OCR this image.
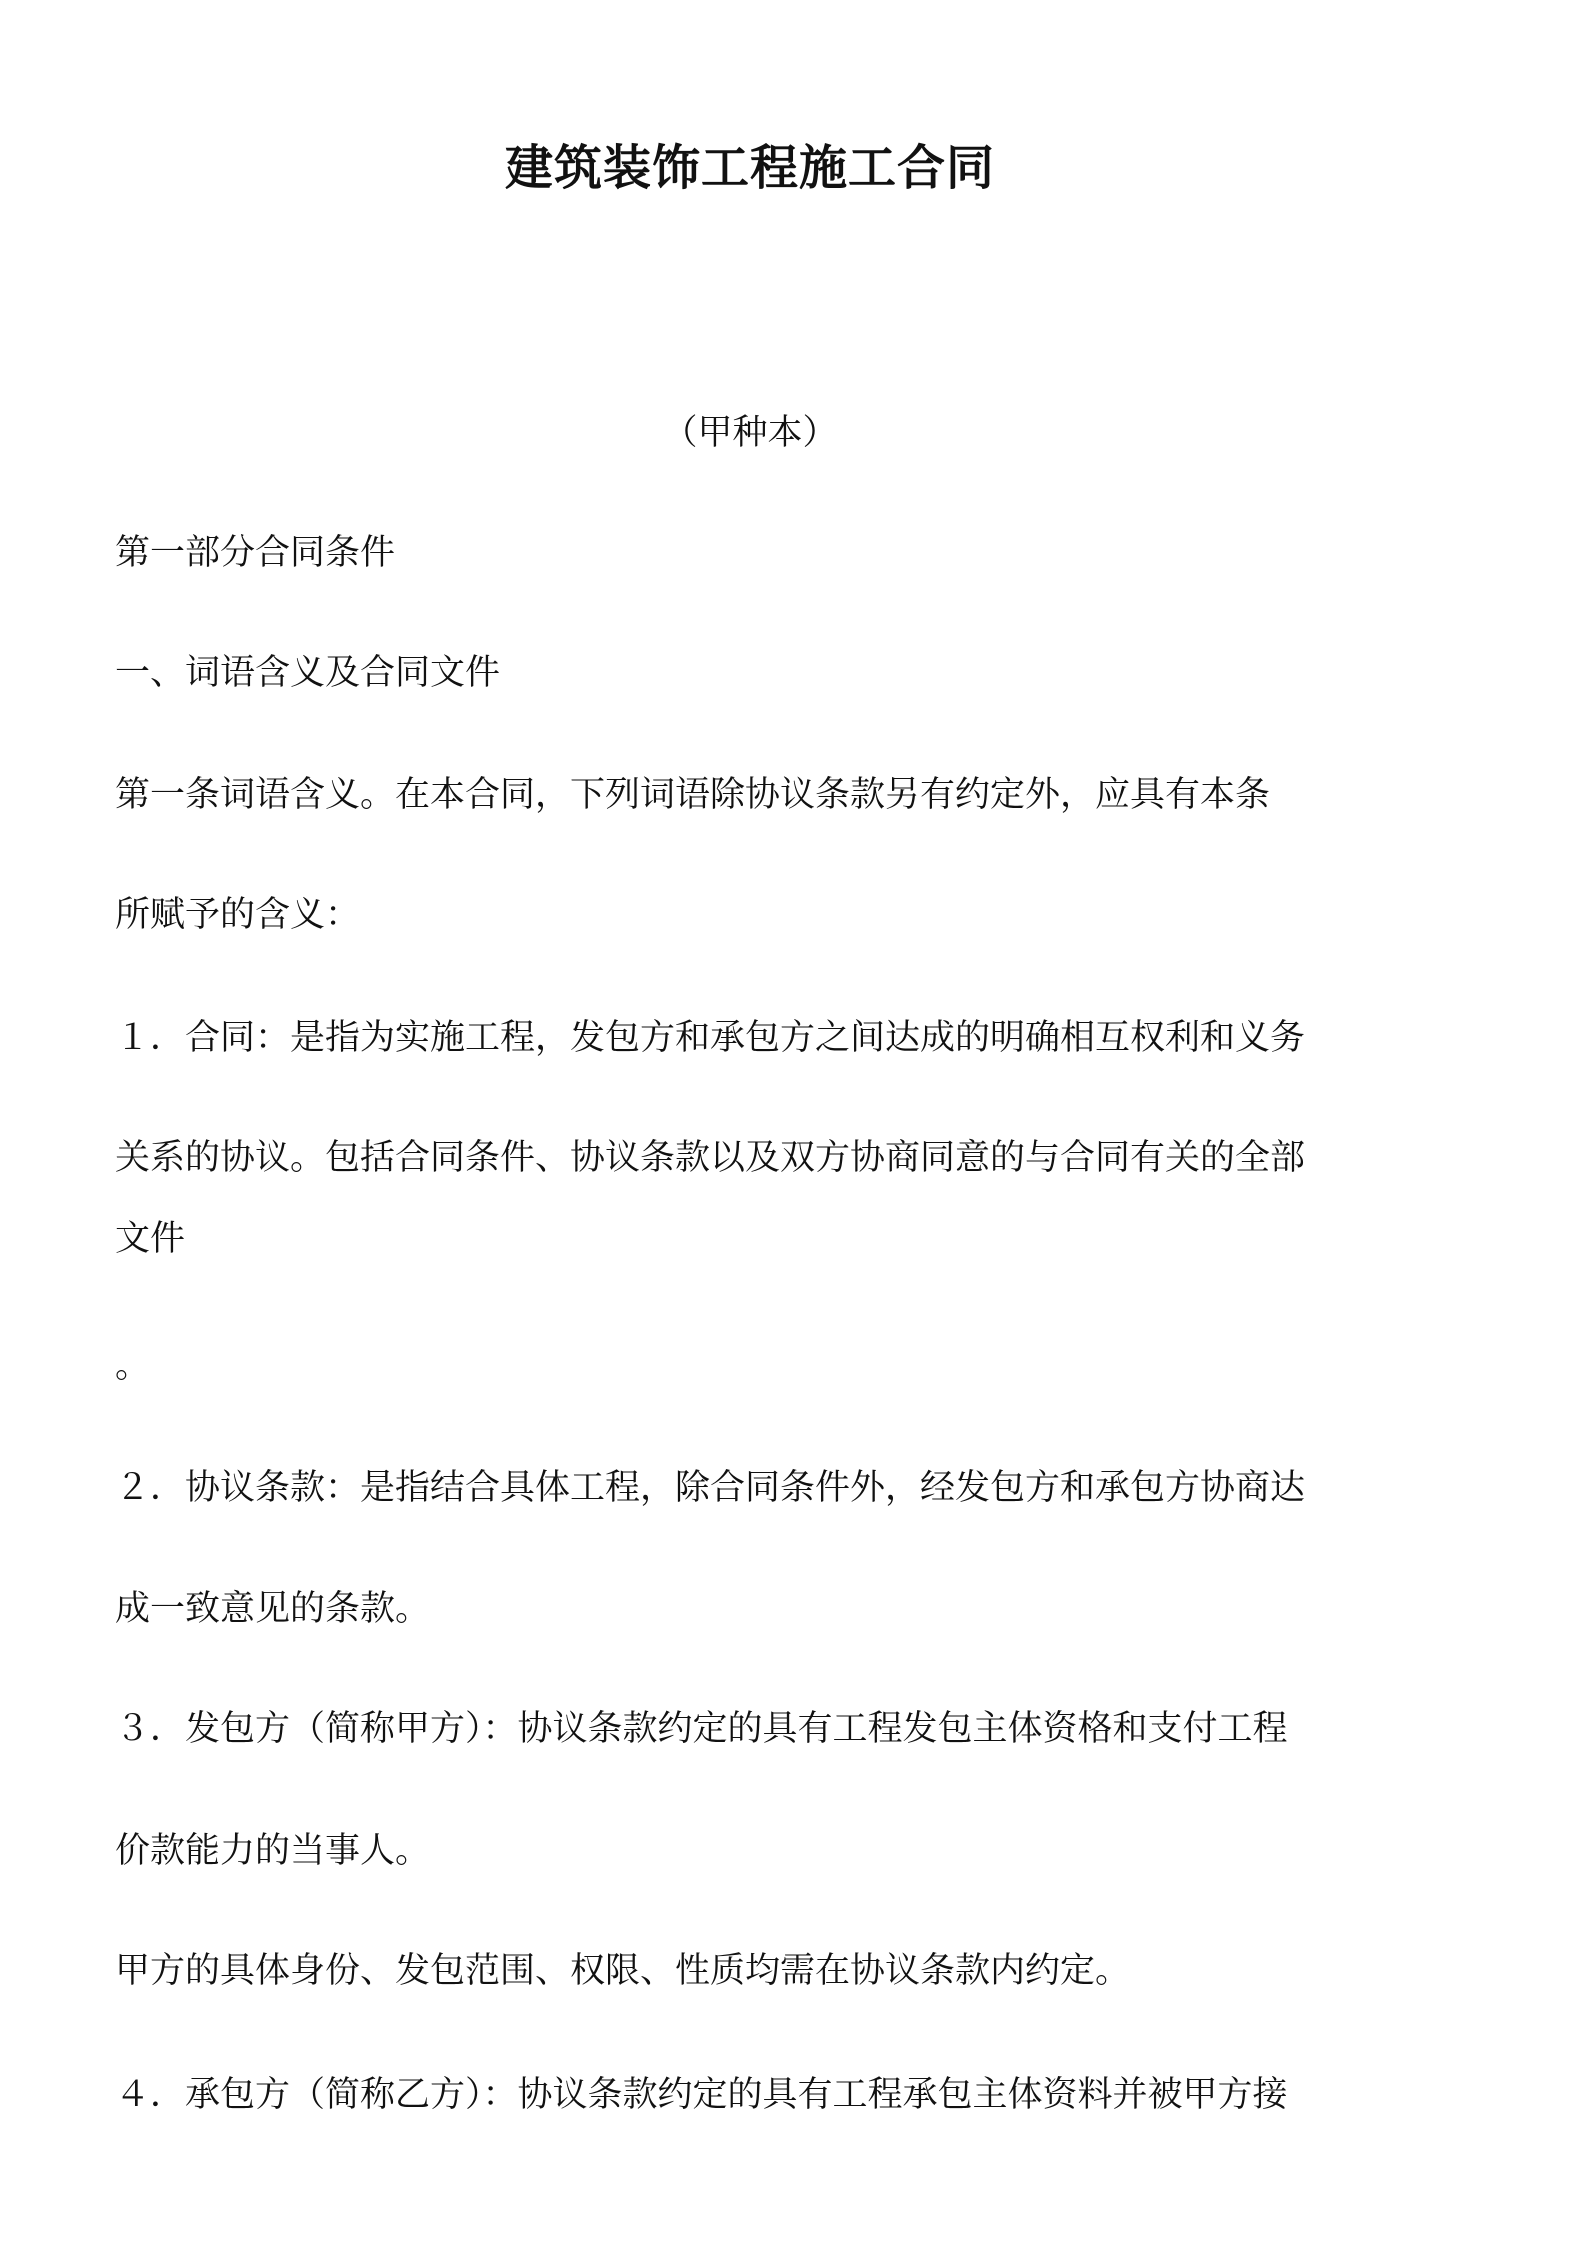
建筑装饰工程施工合同
（甲种本）
第一部分合同条件
一、词语含义及合同文件
第一条词语含义。在本合同，下列词语除协议条款另有约定外，应具有本条
所赋予的含义：
１．合同：是指为实施工程，发包方和承包方之间达成的明确相互权利和义务
关系的协议。包括合同条件、协议条款以及双方协商同意的与合同有关的全部
文件
。
２．协议条款：是指结合具体工程，除合同条件外，经发包方和承包方协商达
成一致意见的条款。
３．发包方（简称甲方）：协议条款约定的具有工程发包主体资格和支付工程
价款能力的当事人。
甲方的具体身份、发包范围、权限、性质均需在协议条款内约定。
４．承包方（简称乙方）：协议条款约定的具有工程承包主体资料并被甲方接
